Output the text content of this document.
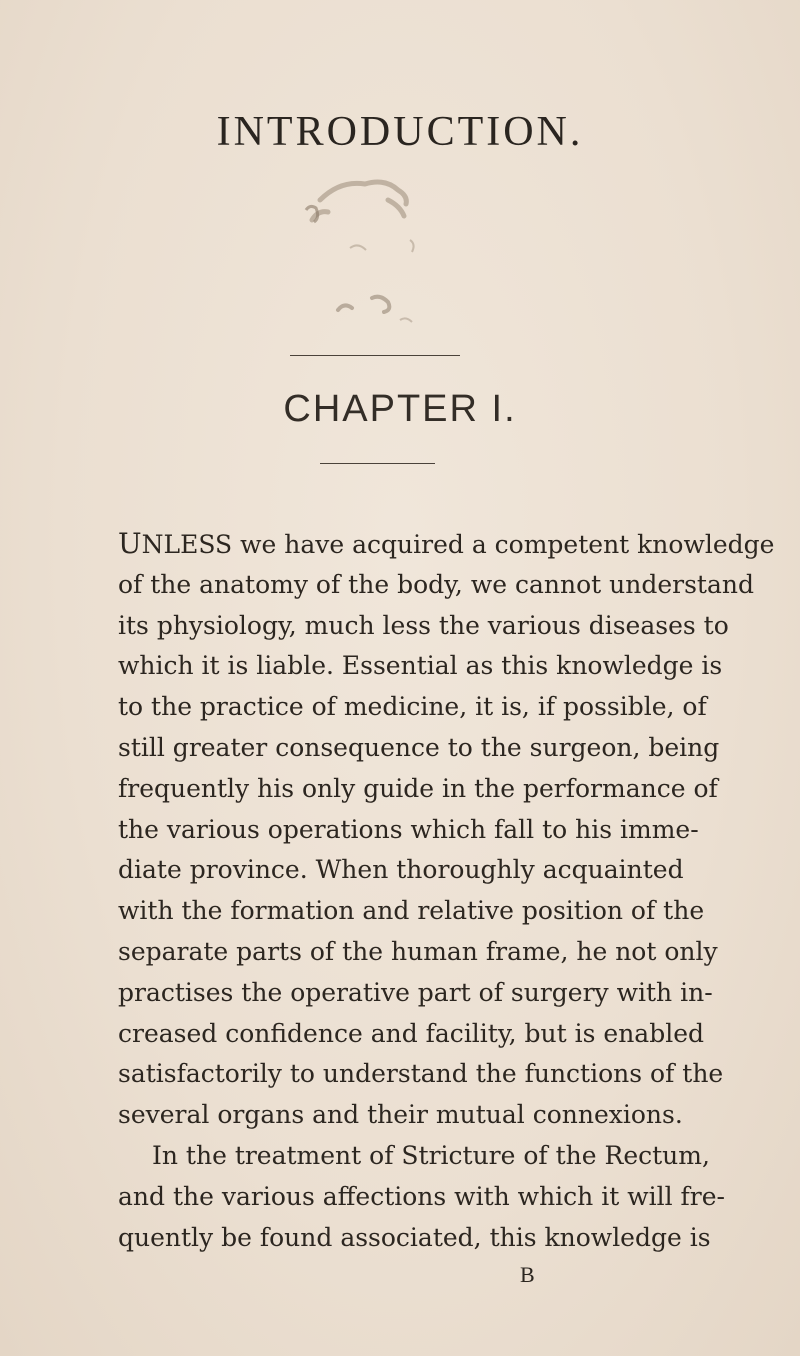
INTRODUCTION.
CHAPTER I.
UNLESS we have acquired a competent knowledge
of the anatomy of the body, we cannot understand
its physiology, much less the various diseases to
which it is liable. Essential as this knowledge is
to the practice of medicine, it is, if possible, of
still greater consequence to the surgeon, being
frequently his only guide in the performance of
the various operations which fall to his imme-
diate province. When thoroughly acquainted
with the formation and relative position of the
separate parts of the human frame, he not only
practises the operative part of surgery with in-
creased confidence and facility, but is enabled
satisfactorily to understand the functions of the
several organs and their mutual connexions.
In the treatment of Stricture of the Rectum,
and the various affections with which it will fre-
quently be found associated, this knowledge is
B
